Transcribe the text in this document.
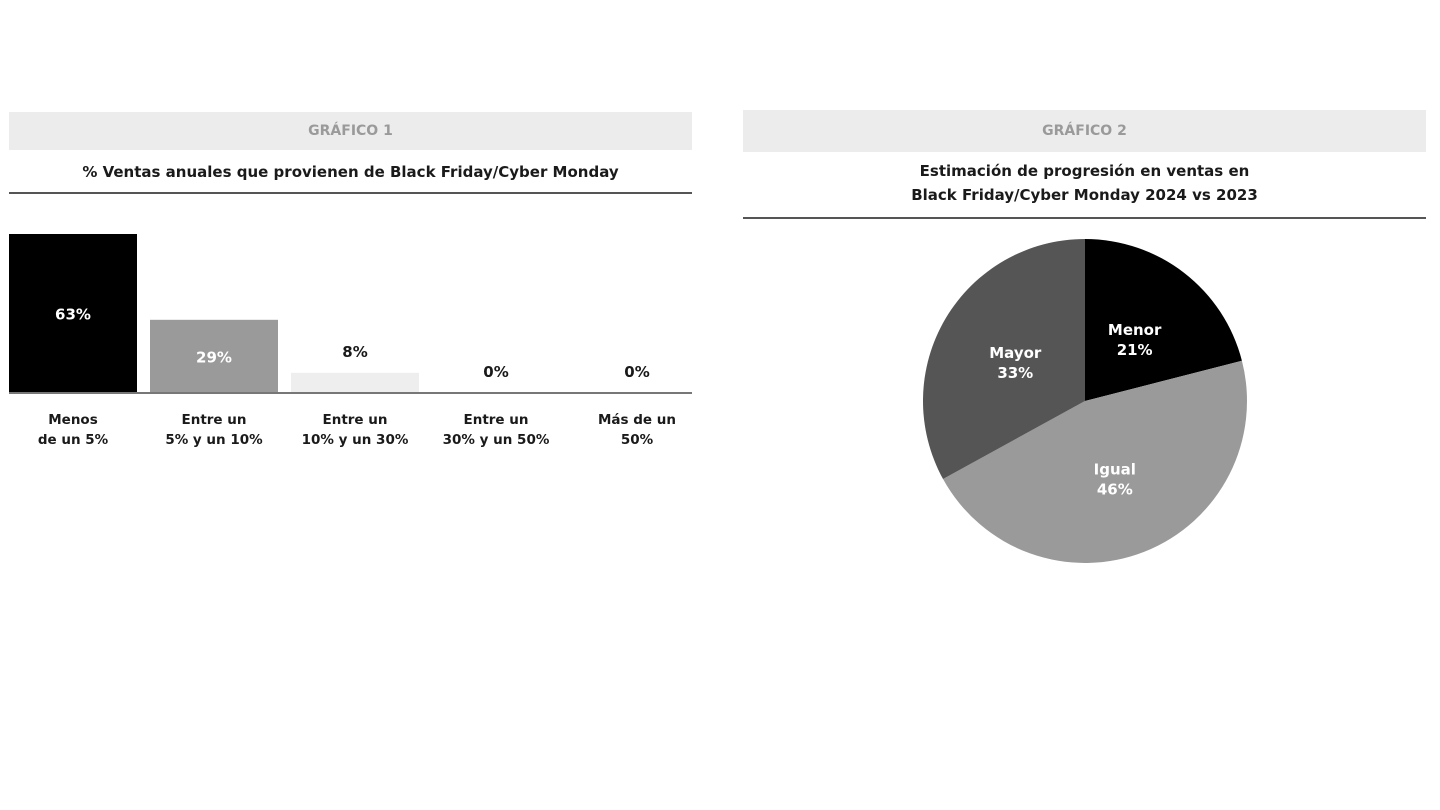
GRÁFICO 1
% Ventas anuales que provienen de Black Friday/Cyber Monday
63%
Menos
de un 5%
29%
Entre un
5% y un 10%
8%
Entre un
10% y un 30%
0%
Entre un
30% y un 50%
0%
Más de un
50%
GRÁFICO 2
Estimación de progresión en ventas en
Black Friday/Cyber Monday 2024 vs 2023
Menor
21%
Igual
46%
Mayor
33%
